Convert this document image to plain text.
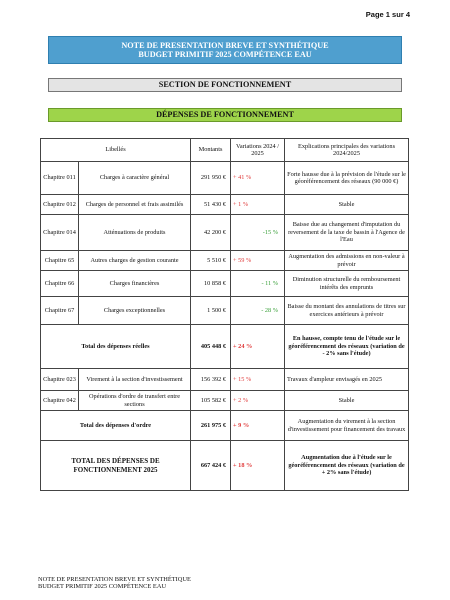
Page 1 sur 4
NOTE DE PRESENTATION BREVE ET SYNTHÉTIQUE
BUDGET PRIMITIF 2025 COMPÉTENCE EAU
SECTION DE FONCTIONNEMENT
DÉPENSES DE FONCTIONNEMENT
Libellés		Montants	Variations 2024 / 2025	Explications principales des variations 2024/2025
Chapitre 011	Charges à caractère général	291 950 €	+ 41 %	Forte hausse due à la prévision de l'étude sur le géoréférencement des réseaux (90 000 €)
Chapitre 012	Charges de personnel et frais assimilés	51 430 €	+ 1 %	Stable
Chapitre 014	Atténuations de produits	42 200 €	-15 %	Baisse due au changement d'imputation du reversement de la taxe de bassin à l'Agence de l'Eau
Chapitre 65	Autres charges de gestion courante	5 510 €	+ 59 %	Augmentation des admissions en non-valeur à prévoir
Chapitre 66	Charges financières	10 858 €	- 11 %	Diminution structurelle du remboursement intérêts des emprunts
Chapitre 67	Charges exceptionnelles	1 500 €	- 28 %	Baisse du montant des annulations de titres sur exercices antérieurs à prévoir
Total des dépenses réelles		405 448 €	+ 24 %	En hausse, compte tenu de l'étude sur le géoréférencement des réseaux (variation de - 2% sans l'étude)
Chapitre 023	Virement à la section d'investissement	156 392 €	+ 15 %	Travaux d'ampleur envisagés en 2025
Chapitre 042	Opérations d'ordre de transfert entre sections	105 582 €	+ 2 %	Stable
Total des dépenses d'ordre		261 975 €	+ 9 %	Augmentation du virement à la section d'investissement pour financement des travaux
TOTAL DES DÉPENSES DE FONCTIONNEMENT 2025		667 424 €	+ 18 %	Augmentation due à l'étude sur le géoréférencement des réseaux (variation de + 2% sans l'étude)
NOTE DE PRESENTATION BREVE ET SYNTHÉTIQUE
BUDGET PRIMITIF 2025 COMPÉTENCE EAU
